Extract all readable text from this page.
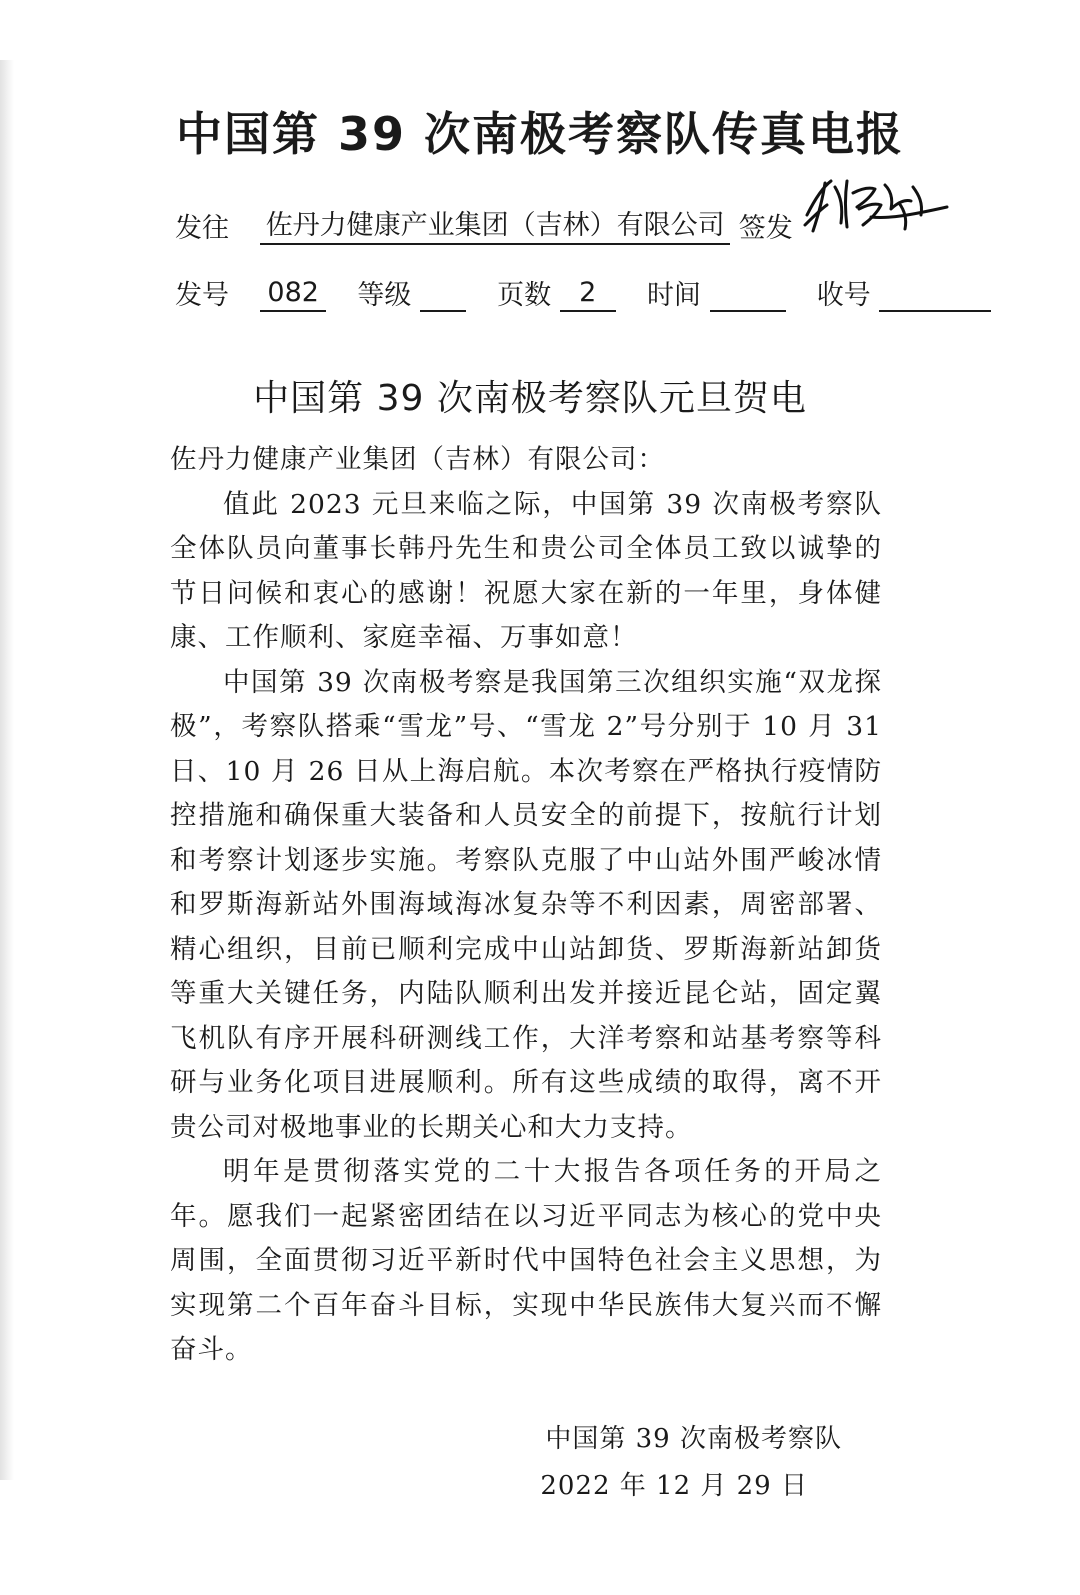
中国第 39 次南极考察队传真电报
发往 佐丹力健康产业集团（吉林）有限公司 签发
发号 082 等级	页数 2 时间	收号
中国第 39 次南极考察队元旦贺电

佐丹力健康产业集团（吉林）有限公司：

值此 2023 元旦来临之际，中国第 39 次南极考察队全体队员向董事长韩丹先生和贵公司全体员工致以诚挚的节日问候和衷心的感谢！祝愿大家在新的一年里，身体健康、工作顺利、家庭幸福、万事如意！

中国第 39 次南极考察是我国第三次组织实施“双龙探极”，考察队搭乘“雪龙”号、“雪龙 2”号分别于 10 月 31 日、10 月 26 日从上海启航。本次考察在严格执行疫情防控措施和确保重大装备和人员安全的前提下，按航行计划和考察计划逐步实施。考察队克服了中山站外围严峻冰情和罗斯海新站外围海域海冰复杂等不利因素，周密部署、精心组织，目前已顺利完成中山站卸货、罗斯海新站卸货等重大关键任务，内陆队顺利出发并接近昆仑站，固定翼飞机队有序开展科研测线工作，大洋考察和站基考察等科研与业务化项目进展顺利。所有这些成绩的取得，离不开贵公司对极地事业的长期关心和大力支持。

明年是贯彻落实党的二十大报告各项任务的开局之年。愿我们一起紧密团结在以习近平同志为核心的党中央周围，全面贯彻习近平新时代中国特色社会主义思想，为实现第二个百年奋斗目标，实现中华民族伟大复兴而不懈奋斗。

中国第 39 次南极考察队
2022 年 12 月 29 日
